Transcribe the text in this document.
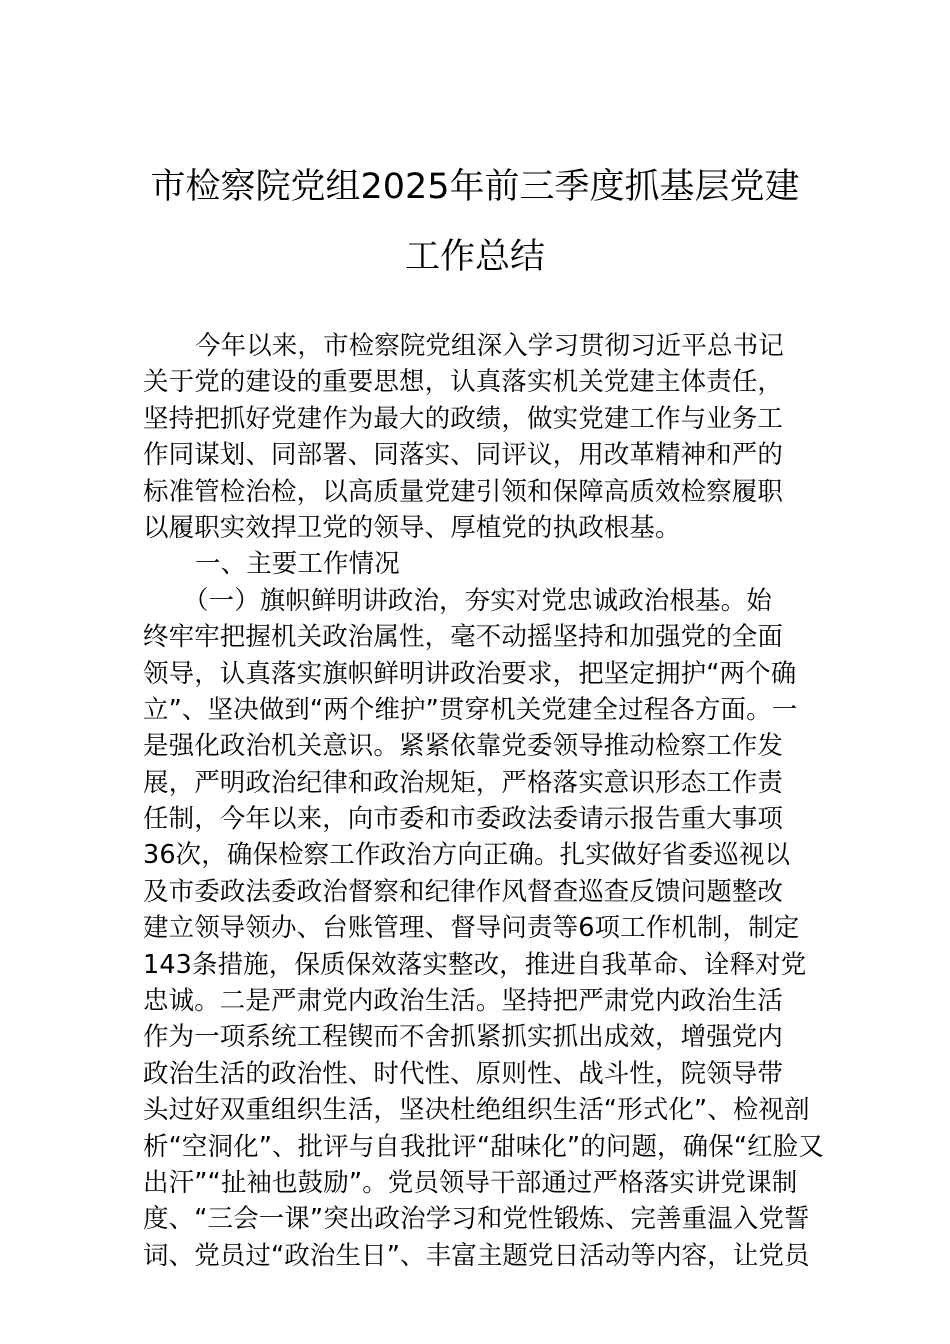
市检察院党组2025年前三季度抓基层党建
工作总结
今年以来，市检察院党组深入学习贯彻习近平总书记
关于党的建设的重要思想，认真落实机关党建主体责任，
坚持把抓好党建作为最大的政绩，做实党建工作与业务工
作同谋划、同部署、同落实、同评议，用改革精神和严的
标准管检治检，以高质量党建引领和保障高质效检察履职
以履职实效捍卫党的领导、厚植党的执政根基。
一、主要工作情况
（一）旗帜鲜明讲政治，夯实对党忠诚政治根基。始
终牢牢把握机关政治属性，毫不动摇坚持和加强党的全面
领导，认真落实旗帜鲜明讲政治要求，把坚定拥护“两个确
立”、坚决做到“两个维护”贯穿机关党建全过程各方面。一
是强化政治机关意识。紧紧依靠党委领导推动检察工作发
展，严明政治纪律和政治规矩，严格落实意识形态工作责
任制，今年以来，向市委和市委政法委请示报告重大事项
36次，确保检察工作政治方向正确。扎实做好省委巡视以
及市委政法委政治督察和纪律作风督查巡查反馈问题整改
建立领导领办、台账管理、督导问责等6项工作机制，制定
143条措施，保质保效落实整改，推进自我革命、诠释对党
忠诚。二是严肃党内政治生活。坚持把严肃党内政治生活
作为一项系统工程锲而不舍抓紧抓实抓出成效，增强党内
政治生活的政治性、时代性、原则性、战斗性，院领导带
头过好双重组织生活，坚决杜绝组织生活“形式化”、检视剖
析“空洞化”、批评与自我批评“甜味化”的问题，确保“红脸又
出汗”“扯袖也鼓励”。党员领导干部通过严格落实讲党课制
度、“三会一课”突出政治学习和党性锻炼、完善重温入党誓
词、党员过“政治生日”、丰富主题党日活动等内容，让党员
